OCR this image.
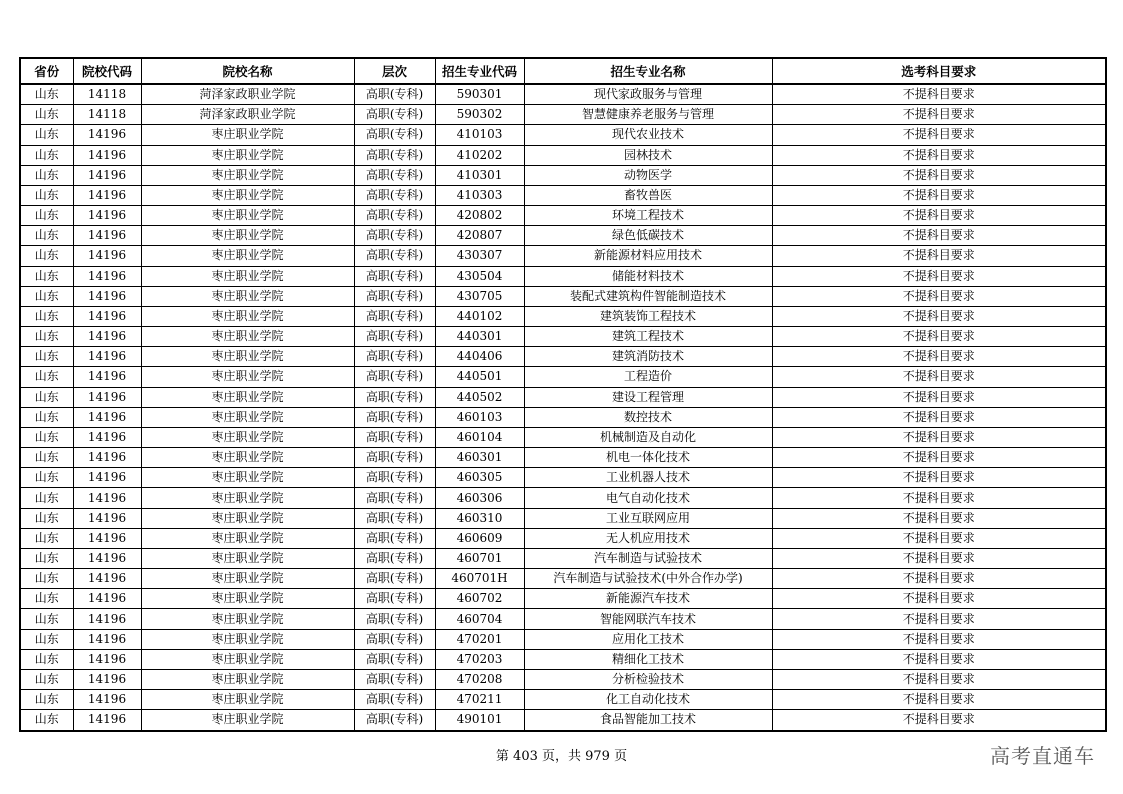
省份	院校代码	院校名称	层次	招生专业代码	招生专业名称	选考科目要求
山东	14118	菏泽家政职业学院	高职(专科)	590301	现代家政服务与管理	不提科目要求
山东	14118	菏泽家政职业学院	高职(专科)	590302	智慧健康养老服务与管理	不提科目要求
山东	14196	枣庄职业学院	高职(专科)	410103	现代农业技术	不提科目要求
山东	14196	枣庄职业学院	高职(专科)	410202	园林技术	不提科目要求
山东	14196	枣庄职业学院	高职(专科)	410301	动物医学	不提科目要求
山东	14196	枣庄职业学院	高职(专科)	410303	畜牧兽医	不提科目要求
山东	14196	枣庄职业学院	高职(专科)	420802	环境工程技术	不提科目要求
山东	14196	枣庄职业学院	高职(专科)	420807	绿色低碳技术	不提科目要求
山东	14196	枣庄职业学院	高职(专科)	430307	新能源材料应用技术	不提科目要求
山东	14196	枣庄职业学院	高职(专科)	430504	储能材料技术	不提科目要求
山东	14196	枣庄职业学院	高职(专科)	430705	装配式建筑构件智能制造技术	不提科目要求
山东	14196	枣庄职业学院	高职(专科)	440102	建筑装饰工程技术	不提科目要求
山东	14196	枣庄职业学院	高职(专科)	440301	建筑工程技术	不提科目要求
山东	14196	枣庄职业学院	高职(专科)	440406	建筑消防技术	不提科目要求
山东	14196	枣庄职业学院	高职(专科)	440501	工程造价	不提科目要求
山东	14196	枣庄职业学院	高职(专科)	440502	建设工程管理	不提科目要求
山东	14196	枣庄职业学院	高职(专科)	460103	数控技术	不提科目要求
山东	14196	枣庄职业学院	高职(专科)	460104	机械制造及自动化	不提科目要求
山东	14196	枣庄职业学院	高职(专科)	460301	机电一体化技术	不提科目要求
山东	14196	枣庄职业学院	高职(专科)	460305	工业机器人技术	不提科目要求
山东	14196	枣庄职业学院	高职(专科)	460306	电气自动化技术	不提科目要求
山东	14196	枣庄职业学院	高职(专科)	460310	工业互联网应用	不提科目要求
山东	14196	枣庄职业学院	高职(专科)	460609	无人机应用技术	不提科目要求
山东	14196	枣庄职业学院	高职(专科)	460701	汽车制造与试验技术	不提科目要求
山东	14196	枣庄职业学院	高职(专科)	460701H	汽车制造与试验技术(中外合作办学)	不提科目要求
山东	14196	枣庄职业学院	高职(专科)	460702	新能源汽车技术	不提科目要求
山东	14196	枣庄职业学院	高职(专科)	460704	智能网联汽车技术	不提科目要求
山东	14196	枣庄职业学院	高职(专科)	470201	应用化工技术	不提科目要求
山东	14196	枣庄职业学院	高职(专科)	470203	精细化工技术	不提科目要求
山东	14196	枣庄职业学院	高职(专科)	470208	分析检验技术	不提科目要求
山东	14196	枣庄职业学院	高职(专科)	470211	化工自动化技术	不提科目要求
山东	14196	枣庄职业学院	高职(专科)	490101	食品智能加工技术	不提科目要求
第 403 页，共 979 页	高考直通车
